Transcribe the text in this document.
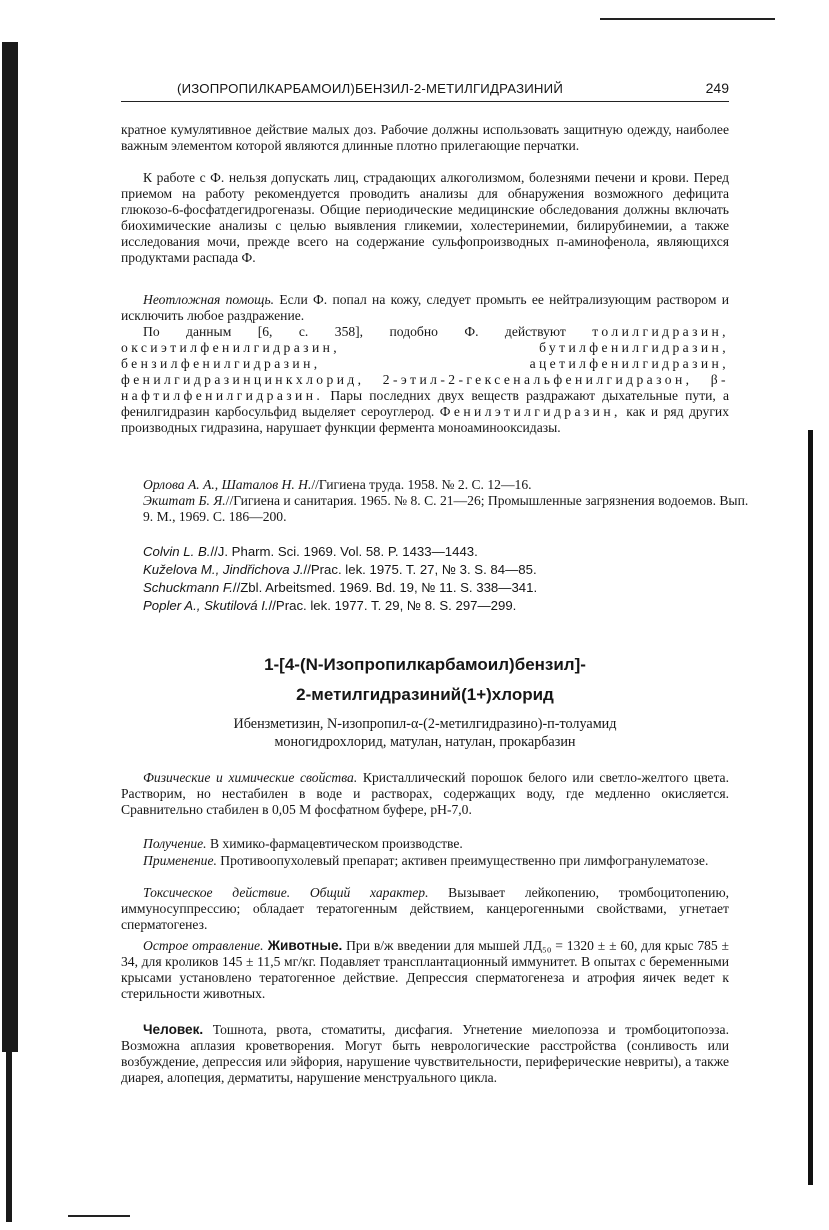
(ИЗОПРОПИЛКАРБАМОИЛ)БЕНЗИЛ-2-МЕТИЛГИДРАЗИНИЙ	249
кратное кумулятивное действие малых доз. Рабочие должны использовать защитную одежду, наиболее важным элементом которой являются длинные плотно прилегающие перчатки.
К работе с Ф. нельзя допускать лиц, страдающих алкоголизмом, болезнями печени и крови. Перед приемом на работу рекомендуется проводить анализы для обнаружения возможного дефицита глюкозо-6-фосфатдегидрогеназы. Общие периодические медицинские обследования должны включать биохимические анализы с целью выявления гликемии, холестеринемии, билирубинемии, а также исследования мочи, прежде всего на содержание сульфопроизводных п-аминофенола, являющихся продуктами распада Ф.
Неотложная помощь. Если Ф. попал на кожу, следует промыть ее нейтрализующим раствором и исключить любое раздражение.
По данным [6, с. 358], подобно Ф. действуют толилгидразин, оксиэтилфенилгидразин, бутилфенилгидразин, бензилфенилгидразин, ацетилфенилгидразин, фенилгидразинцинкхлорид, 2-этил-2-гексенальфенилгидразон, β-нафтилфенилгидразин. Пары последних двух веществ раздражают дыхательные пути, а фенилгидразин карбосульфид выделяет сероуглерод. Фенилэтилгидразин, как и ряд других производных гидразина, нарушает функции фермента моноаминооксидазы.
Орлова А. А., Шаталов Н. Н.//Гигиена труда. 1958. № 2. С. 12—16.
Экштат Б. Я.//Гигиена и санитария. 1965. № 8. С. 21—26; Промышленные загрязнения водоемов. Вып. 9. М., 1969. С. 186—200.
Colvin L. B.//J. Pharm. Sci. 1969. Vol. 58. P. 1433—1443.
Kuželova M., Jindřichova J.//Prac. lek. 1975. T. 27, № 3. S. 84—85.
Schuckmann F.//Zbl. Arbeitsmed. 1969. Bd. 19, № 11. S. 338—341.
Popler A., Skutilová I.//Prac. lek. 1977. T. 29, № 8. S. 297—299.
1-[4-(N-Изопропилкарбамоил)бензил]-
2-метилгидразиний(1+)хлорид
Ибензметизин, N-изопропил-α-(2-метилгидразино)-п-толуамид
моногидрохлорид, матулан, натулан, прокарбазин
Физические и химические свойства. Кристаллический порошок белого или светло-желтого цвета. Растворим, но нестабилен в воде и растворах, содержащих воду, где медленно окисляется. Сравнительно стабилен в 0,05 М фосфатном буфере, рН-7,0.
Получение. В химико-фармацевтическом производстве.
Применение. Противоопухолевый препарат; активен преимущественно при лимфогранулематозе.
Токсическое действие. Общий характер. Вызывает лейкопению, тромбоцитопению, иммуносуппрессию; обладает тератогенным действием, канцерогенными свойствами, угнетает сперматогенез.
Острое отравление. Животные. При в/ж введении для мышей ЛД₅₀ = 1320 ± ± 60, для крыс 785 ± 34, для кроликов 145 ± 11,5 мг/кг. Подавляет трансплантационный иммунитет. В опытах с беременными крысами установлено тератогенное действие. Депрессия сперматогенеза и атрофия яичек ведет к стерильности животных.
Человек. Тошнота, рвота, стоматиты, дисфагия. Угнетение миелопоэза и тромбоцитопоэза. Возможна аплазия кроветворения. Могут быть неврологические расстройства (сонливость или возбуждение, депрессия или эйфория, нарушение чувствительности, периферические невриты), а также диарея, алопеция, дерматиты, нарушение менструального цикла.
